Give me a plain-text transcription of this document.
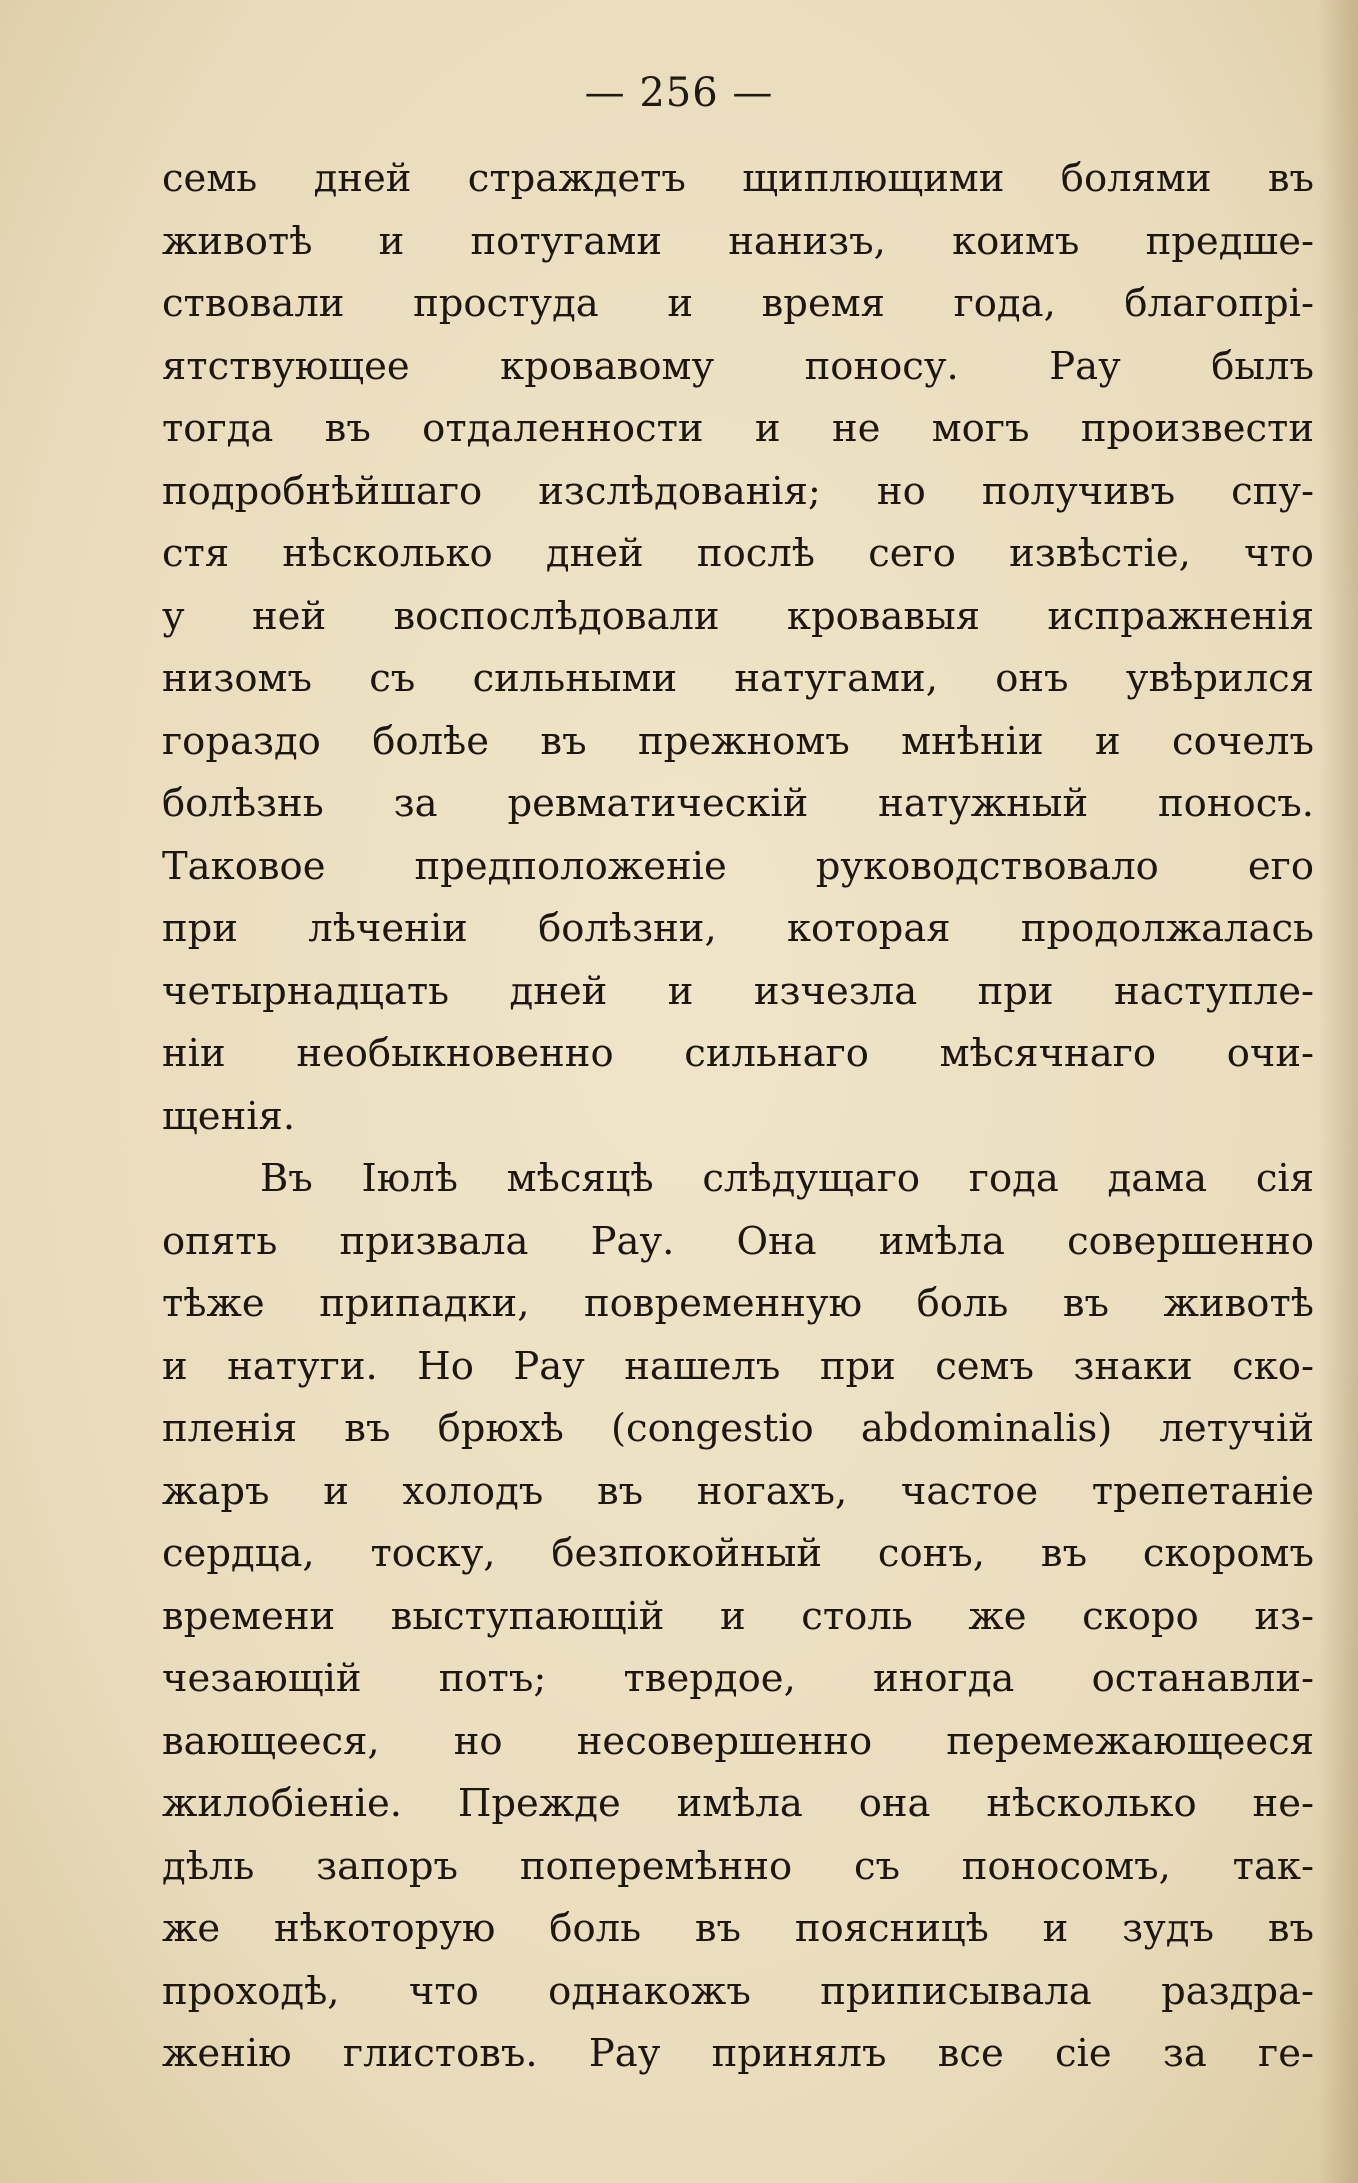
— 256 —
семь дней страждетъ щиплющими болями въ
животѣ и потугами нанизъ, коимъ предше-
ствовали простуда и время года, благопрі-
ятствующее кровавому поносу. Рау былъ
тогда въ отдаленности и не могъ произвести
подробнѣйшаго изслѣдованія; но получивъ спу-
стя нѣсколько дней послѣ сего извѣстіе, что
у ней воспослѣдовали кровавыя испражненія
низомъ съ сильными натугами, онъ увѣрился
гораздо болѣе въ прежномъ мнѣніи и сочелъ
болѣзнь за ревматическій натужный поносъ.
Таковое предположеніе руководствовало его
при лѣченіи болѣзни, которая продолжалась
четырнадцать дней и изчезла при наступле-
ніи необыкновенно сильнаго мѣсячнаго очи-
щенія.
Въ Іюлѣ мѣсяцѣ слѣдущаго года дама сія
опять призвала Рау. Она имѣла совершенно
тѣже припадки, повременную боль въ животѣ
и натуги. Но Рау нашелъ при семъ знаки ско-
пленія въ брюхѣ (congestio abdominalis) летучій
жаръ и холодъ въ ногахъ, частое трепетаніе
сердца, тоску, безпокойный сонъ, въ скоромъ
времени выступающій и столь же скоро из-
чезающій потъ; твердое, иногда останавли-
вающееся, но несовершенно перемежающееся
жилобіеніе. Прежде имѣла она нѣсколько не-
дѣль запоръ поперемѣнно съ поносомъ, так-
же нѣкоторую боль въ поясницѣ и зудъ въ
проходѣ, что однакожъ приписывала раздра-
женію глистовъ. Рау принялъ все сіе за ге-
